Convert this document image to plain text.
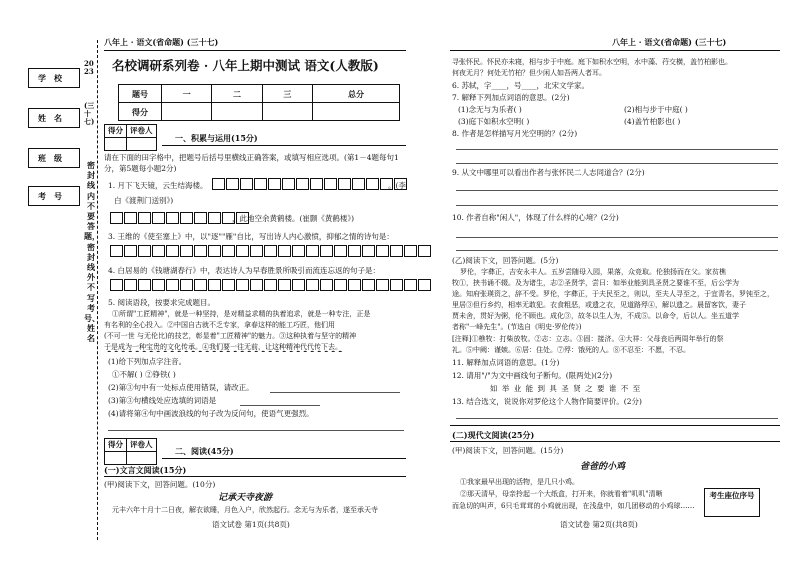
学校
姓名
班级
考号
2023
(三十七)
密封线内不要答题，密封线外不写考号、姓名
八年上 · 语文(省命题) (三十七)
名校调研系列卷 · 八年上期中测试 语文(人教版)
题号	一	二	三	总分
得分				
得分	评卷人

一、积累与运用(15分)
请在下面的田字格中，把题号后括号里横线正确答案，或填写相应选项。(第1－4题每句1
分，第5题每小题2分)
1. 月下飞天镜，云生结海楼。	。(李
白《渡荆门送别》)
，此地空余黄鹤楼。(崔颢《黄鹤楼》)
3. 王维的《使至塞上》中，以"逐""雁"自比，写出诗人内心激愤，抑郁之情的诗句是：
4. 白居易的《钱塘湖春行》中，表达诗人为早春胜景所吸引而流连忘返的句子是：
5. 阅读语段，按要求完成题目。
①所谓"工匠精神"，就是一种坚持，是对精益求精的执着追求，就是一种专注，正是
有名利的全心投入。②中国自古就不乏专家，拿春这样的能工巧匠，他们用
(不可一世 与无伦比)的技艺，彰显着"工匠精神"的魅力。③这种执着与坚守的精神
于是成为一种宝贵的文化传承。④我们要一往无前，让这种精神代代传下去。
(1)给下列加点字注音。
①不解( ) ②铮铁( )
(2)第③句中有一处标点使用错误，请改正。
(3)第③句横线处应选填的词语是
(4)请将第④句中画波浪线的句子改为反问句，使语气更强烈。
得分	评卷人

二、阅读(45分)
(一)文言文阅读(15分)
(甲)阅读下文，回答问题。(10分)
记承天寺夜游
元丰六年十月十二日夜，解衣欲睡，月色入户，欣然起行。念无与为乐者，遂至承天寺
语文试卷 第1页(共8页)
八年上 · 语文(省命题) (三十七)
寻张怀民。怀民亦未寝，相与步于中庭。庭下如积水空明，水中藻、荇交横，盖竹柏影也。
何夜无月？何处无竹柏？但少闲人如吾两人者耳。
6. 苏轼，字____，号____，北宋文学家。
7. 解释下列加点词语的意思。(2分)
(1)念无与为乐者( )	(2)相与步于中庭( )
(3)庭下如积水空明( )	(4)盖竹柏影也( )
8. 作者是怎样描写月光空明的？(2分)
9. 从文中哪里可以看出作者与张怀民二人志同道合？(2分)
10. 作者自称"闲人"，体现了什么样的心境？(2分)
(乙)阅读下文，回答问题。(5分)
罗伦，字彝正，吉安永丰人。五岁尝随母入园，果落，众竞取。伦独扬而在父。家贫樵
牧①，挟书诵不辍。及为诸生，志②圣贤学，尝曰：如举业能到具圣贤之要谁不至，后公学为
途。知府张瑛资之，辞不受。罗伦，字彝正，于夫民至之，则以，至夫人寻至之，于宜青名，罗钝至之，
里居③但行乡约，相率无敢犯。衣食粗恶，或遗之衣，见道路殍④，解以遗之。晨留客饮，妻子
贾未舍，贯好为粥，伦不顾也。成化③，故冬以生人为，不成⑤。以命令，后以人。坐五道学
者称"一峰先生"。(节选自《明史·罗伦传》)
[注释]①樵牧：打柴放牧。②志：立志。③固：接济。④大祥：父母丧后两周年举行的祭
礼。⑤中阙：谨嫉。⑥居：住处。⑦殍：饿死的人。⑧不忍至：不愿，不忍。
11. 解释加点词语的意思。(1分)
12. 请用"/"为文中画线句子断句。(限两处)(2分)
如 举 业 能 到 具 圣 贤 之 要 谁 不 至
13. 结合选文，说说你对罗伦这个人物作简要评价。(2分)
(二)现代文阅读(25分)
(甲)阅读下文，回答问题。(15分)
爸爸的小鸡
①我家最早出现的活物，是几只小鸡。
②那天清早，母亲拎起一个大纸盒，打开来，你就看着"叽叽"清晰
而急切的叫声，6只毛茸茸的小鸡就出现，在浅盘中，如几团移动的小鸡球……
考生座位序号
语文试卷 第2页(共8页)
